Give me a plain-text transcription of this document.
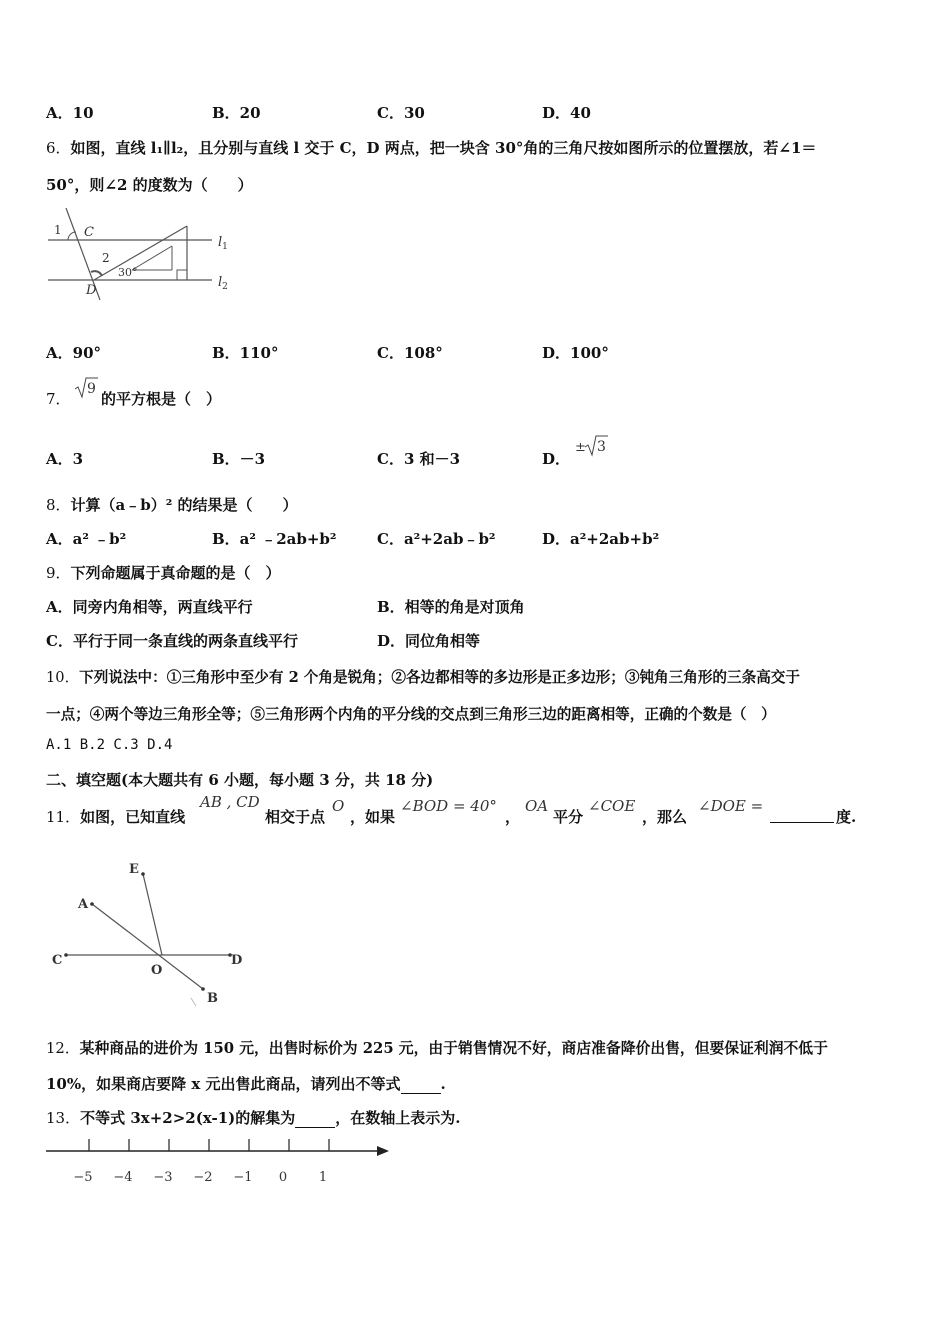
A．10	B．20	C．30	D．40
6．如图，直线 l₁∥l₂，且分别与直线 l 交于 C，D 两点，把一块含 30°角的三角尺按如图所示的位置摆放，若∠1＝
50°，则∠2 的度数为（　　）
1 C
2
30°
D
$l_1$
$l_2$
A．90°	B．110°	C．108°	D．100°
7．
9
的平方根是（　）
A．3	B．－3	C．3 和－3	D．
± 3
8．计算（a﹣b）² 的结果是（　　）
A．a² ﹣b²	B．a² ﹣2ab+b²	C．a²+2ab﹣b²	D．a²+2ab+b²
9．下列命题属于真命题的是（　）
A．同旁内角相等，两直线平行	B．相等的角是对顶角
C．平行于同一条直线的两条直线平行	D．同位角相等
10．下列说法中：①三角形中至少有 2 个角是锐角；②各边都相等的多边形是正多边形；③钝角三角形的三条高交于
一点；④两个等边三角形全等；⑤三角形两个内角的平分线的交点到三角形三边的距离相等，正确的个数是（　）
A.1 B.2 C.3 D.4
二、填空题(本大题共有 6 小题，每小题 3 分，共 18 分)
11．如图，已知直线
AB , CD
相交于点
O
，如果
∠BOD = 40°
，
OA
平分
∠COE
，那么
∠DOE =
度.
E
A
C
O
D
B
12．某种商品的进价为 150 元，出售时标价为 225 元，由于销售情况不好，商店准备降价出售，但要保证利润不低于
10%，如果商店要降 x 元出售此商品，请列出不等式	.
13．不等式 3x+2>2(x-1)的解集为	，在数轴上表示为.
−5 −4 −3 −2 −1 0 1
